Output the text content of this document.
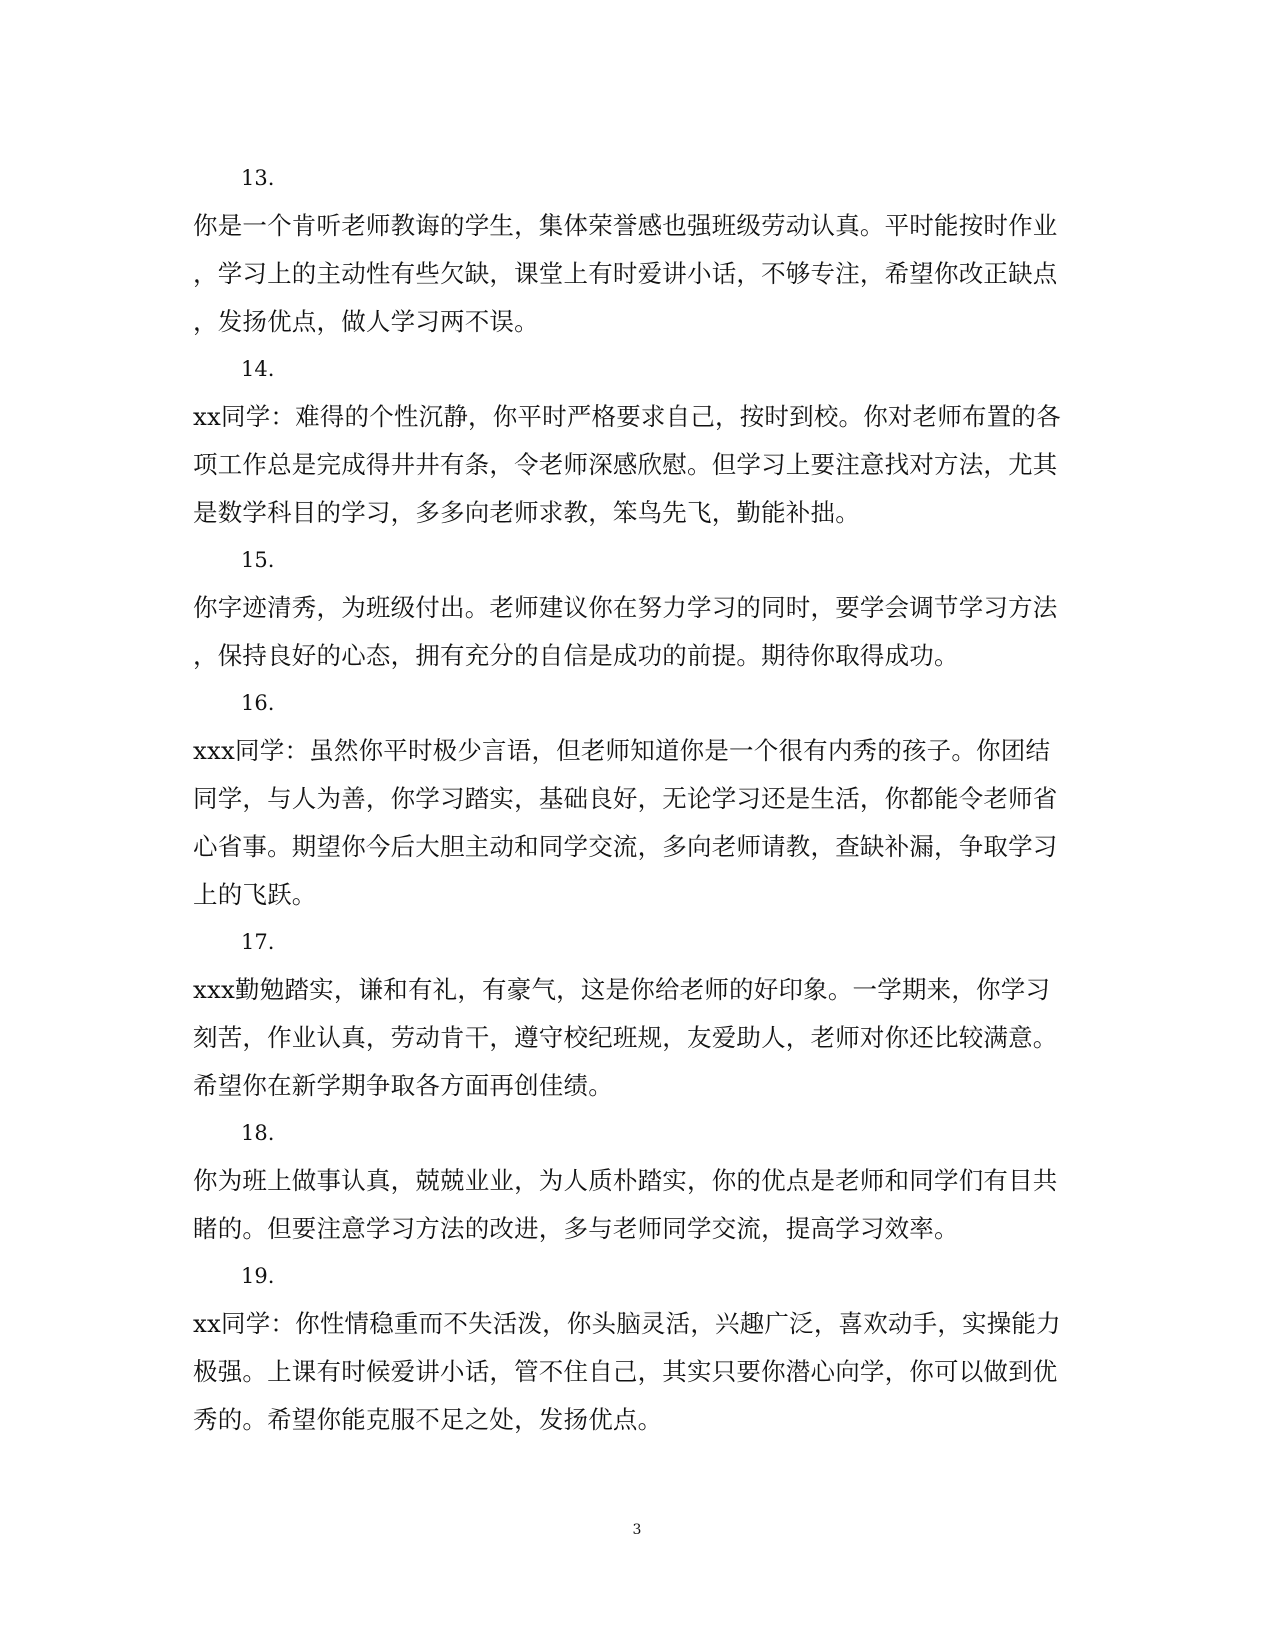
13.
你是一个肯听老师教诲的学生，集体荣誉感也强班级劳动认真。平时能按时作业
，学习上的主动性有些欠缺，课堂上有时爱讲小话，不够专注，希望你改正缺点
，发扬优点，做人学习两不误。
14.
xx同学：难得的个性沉静，你平时严格要求自己，按时到校。你对老师布置的各
项工作总是完成得井井有条，令老师深感欣慰。但学习上要注意找对方法，尤其
是数学科目的学习，多多向老师求教，笨鸟先飞，勤能补拙。
15.
你字迹清秀，为班级付出。老师建议你在努力学习的同时，要学会调节学习方法
，保持良好的心态，拥有充分的自信是成功的前提。期待你取得成功。
16.
xxx同学：虽然你平时极少言语，但老师知道你是一个很有内秀的孩子。你团结
同学，与人为善，你学习踏实，基础良好，无论学习还是生活，你都能令老师省
心省事。期望你今后大胆主动和同学交流，多向老师请教，查缺补漏，争取学习
上的飞跃。
17.
xxx勤勉踏实，谦和有礼，有豪气，这是你给老师的好印象。一学期来，你学习
刻苦，作业认真，劳动肯干，遵守校纪班规，友爱助人，老师对你还比较满意。
希望你在新学期争取各方面再创佳绩。
18.
你为班上做事认真，兢兢业业，为人质朴踏实，你的优点是老师和同学们有目共
睹的。但要注意学习方法的改进，多与老师同学交流，提高学习效率。
19.
xx同学：你性情稳重而不失活泼，你头脑灵活，兴趣广泛，喜欢动手，实操能力
极强。上课有时候爱讲小话，管不住自己，其实只要你潜心向学，你可以做到优
秀的。希望你能克服不足之处，发扬优点。
3
